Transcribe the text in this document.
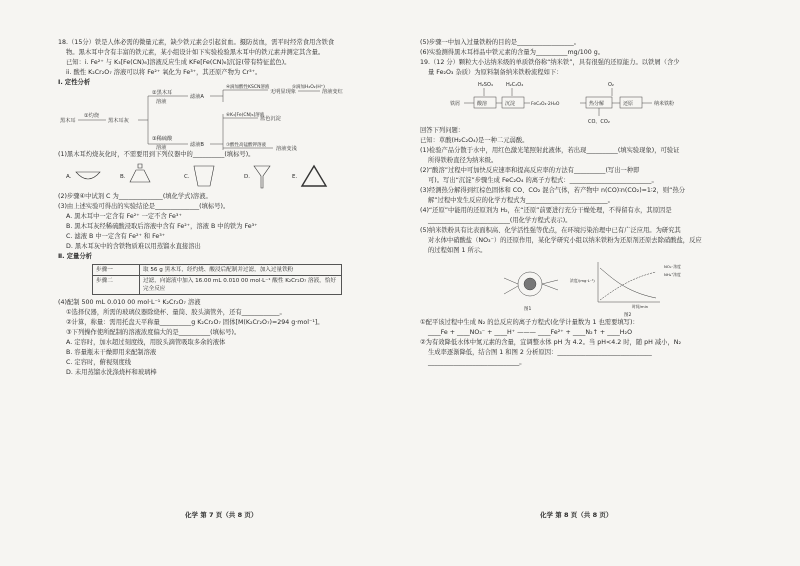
18.（15分）铁是人体必需的微量元素，缺少铁元素会引起贫血。摄防贫血，需平时经常食用含铁食

物。黑木耳中含有丰富的铁元素，某小组设计如下实验检验黑木耳中的铁元素并测定其含量。

已知：i. Fe²⁺ 与 K₃[Fe(CN)₆]溶液反应生成 KFe[Fe(CN)₆]沉淀(带有特征蓝色)。

ii. 酸性 K₂Cr₂O₇ 溶液可以将 Fe²⁺ 氧化为 Fe³⁺，其还原产物为 Cr³⁺。

Ⅰ. 定性分析

黑木耳
①灼烧
黑木耳灰
②黑木耳
溶液
③稀硫酸
溶液
滤液A
滤液B
④滴加酸性KSCN溶液
无明显现象
⑤滴加H₂O₂(H⁺)
溶液变红
⑥K₃[Fe(CN)₆]溶液
蓝色沉淀
⑦酸性高锰酸钾溶液
溶液变浅

(1)黑木耳灼烧灰化时，不需要用到下列仪器中的__________(填标号)。

A.	B.	C.	D.	E.

(2)步骤④中试剂 C 为______________(填化学式)溶液。

(3)由上述实验可得出的实验结论是______________(填标号)。

A. 黑木耳中一定含有 Fe²⁺ 一定不含 Fe³⁺

B. 黑木耳灰经稀硫酸浸取后溶液中含有 Fe²⁺，溶液 B 中的铁为 Fe³⁺

C. 滤液 B 中一定含有 Fe²⁺ 和 Fe³⁺

D. 黑木耳灰中的含铁物质难以用蒸馏水直接溶出

Ⅱ. 定量分析

步骤一	取 56 g 黑木耳，经灼烧、酸浸后配制并过滤，加入过量铁粉
步骤二	过滤，向滤液中加入 16.00 mL 0.010 00 mol·L⁻¹ 酸性 K₂Cr₂O₇ 溶液，恰好完全反应

(4)配制 500 mL 0.010 00 mol·L⁻¹ K₂Cr₂O₇ 溶液

①选择仪器，所需的玻璃仪器除烧杯、量筒、胶头滴管外，还有____________。

②计算，称量：需用托盘天平称量__________g K₂Cr₂O₇ 固体[M(K₂Cr₂O₇)=294 g·mol⁻¹]。

③下列操作使所配制的溶液浓度偏大的是__________(填标号)。

A. 定容时，加水超过刻度线，用胶头滴管吸取多余的液体

B. 容量瓶未干燥即用来配制溶液

C. 定容时，俯视刻度线

D. 未用蒸馏水洗涤烧杯和玻璃棒

化学 第 7 页（共 8 页）

(5)步骤一中加入过量铁粉的目的是__________________。

(6)实验测得黑木耳样品中铁元素的含量为__________mg/100 g。

19.（12 分）颗粒大小达纳米级的单质铁俗称“纳米铁”，具有很强的还原能力。以铁屑（含少

量 Fe₂O₃ 杂质）为原料制备纳米铁粉流程如下：

H₂SO₄	H₂C₂O₄
铁屑	酸溶	沉淀	FeC₂O₄·2H₂O	热分解
O₂
还原	纳米铁粉
CO、CO₂

回答下列问题：

已知：草酸(H₂C₂O₄)是一种二元弱酸。

(1)检验产品分散于水中，用红色激光笔照射此液体，若出现__________(填实验现象)，可验证

所得铁粉直径为纳米级。

(2)“酸溶”过程中可加快反应速率和提高反应率的方法有__________(写出一种即

可)。写出“沉淀”步骤生成 FeC₂O₄ 的离子方程式：__________________________。

(3)经测热分解得到红棕色固体和 CO、CO₂ 混合气体，若产物中 n(CO)∶n(CO₂)=1∶2，则“热分

解”过程中发生反应的化学方程式为__________________________。

(4)“还原”中能用的还原剂为 H₂，在“还原”前要进行充分干燥处理，不得留有水，其原因是

__________________________(用化学方程式表示)。

(5)纳米铁粉具有比表面积高、化学活性强等优点，在环境污染治理中已有广泛应用。为研究其

对水体中硝酸盐（NO₃⁻）的还原作用，某化学研究小组以纳米铁粉为还原剂还原去除硝酸盐，反应

的过程如图 1 所示。

图1
浓度/(mg·L⁻¹)
时间/min
NO₃⁻浓度
NH₄⁺浓度
图2

①配平该过程中生成 N₂ 的总反应的离子方程式(化学计量数为 1 也需要填写)：

____Fe + ____NO₃⁻ + ____H⁺ ——— ____Fe²⁺ + ____N₂↑ + ____H₂O

②为有效降低水体中氮元素的含量，宜调整水体 pH 为 4.2。当 pH<4.2 时，随 pH 减小，N₂

生成率逐渐降低，结合图 1 和图 2 分析原因：______________________________

_____________________________。

化学 第 8 页（共 8 页）
